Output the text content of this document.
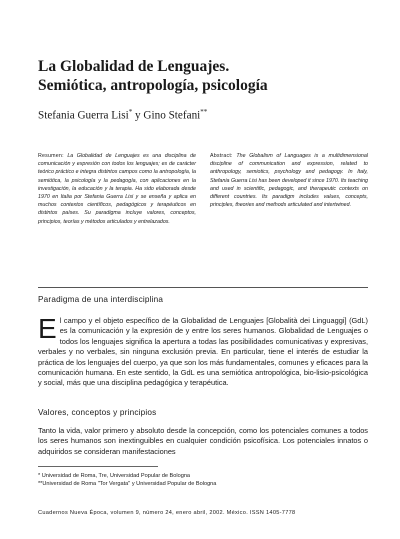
La Globalidad de Lenguajes.
Semiótica, antropología, psicología
Stefania Guerra Lisi* y Gino Stefani**

Resumen: La Globalidad de Lenguajes es una disciplina de comunicación y expresión con todos los lenguajes; es de carácter teórico práctico e integra distintos campos como la antropología, la semiótica, la psicología y la pedagogía, con aplicaciones en la investigación, la educación y la terapia. Ha sido elaborada desde 1970 en Italia por Stefania Guerra Lisi y se enseña y aplica en muchos contextos científicos, pedagógicos y terapéuticos en distintos países. Su paradigma incluye valores, conceptos, principios, teorías y métodos articulados y entrelazados.

Abstract: The Globalism of Languages is a multidimensional discipline of communication and expression, related to anthropology, semiotics, psychology and pedagogy. In Italy, Stefania Guerra Lisi has been developed it since 1970. Its teaching and used in scientific, pedagogic, and therapeutic contexts on different countries. Its paradigm includes values, concepts, principles, theories and methods articulated and intertwined.

Paradigma de una interdisciplina

El campo y el objeto específico de la Globalidad de Lenguajes [Globalità dei Linguaggi] (GdL) es la comunicación y la expresión de y entre los seres humanos. Globalidad de Lenguajes o todos los lenguajes significa la apertura a todas las posibilidades comunicativas y expresivas, verbales y no verbales, sin ninguna exclusión previa. En particular, tiene el interés de estudiar la práctica de los lenguajes del cuerpo, ya que son los más fundamentales, comunes y eficaces para la comunicación humana. En este sentido, la GdL es una semiótica antropológica, bio-lisio-psicológica y social, más que una disciplina pedagógica y terapéutica.

Valores, conceptos y principios

Tanto la vida, valor primero y absoluto desde la concepción, como los potenciales comunes a todos los seres humanos son inextinguibles en cualquier condición psicofísica. Los potenciales innatos o adquiridos se consideran manifestaciones

* Universidad de Roma, Tre, Universidad Popular de Bologna
**Universidad de Roma "Tor Vergata" y Universidad Popular de Bologna
Cuadernos Nueva Época, volumen 9, número 24, enero abril, 2002. México. ISSN 1405-7778
